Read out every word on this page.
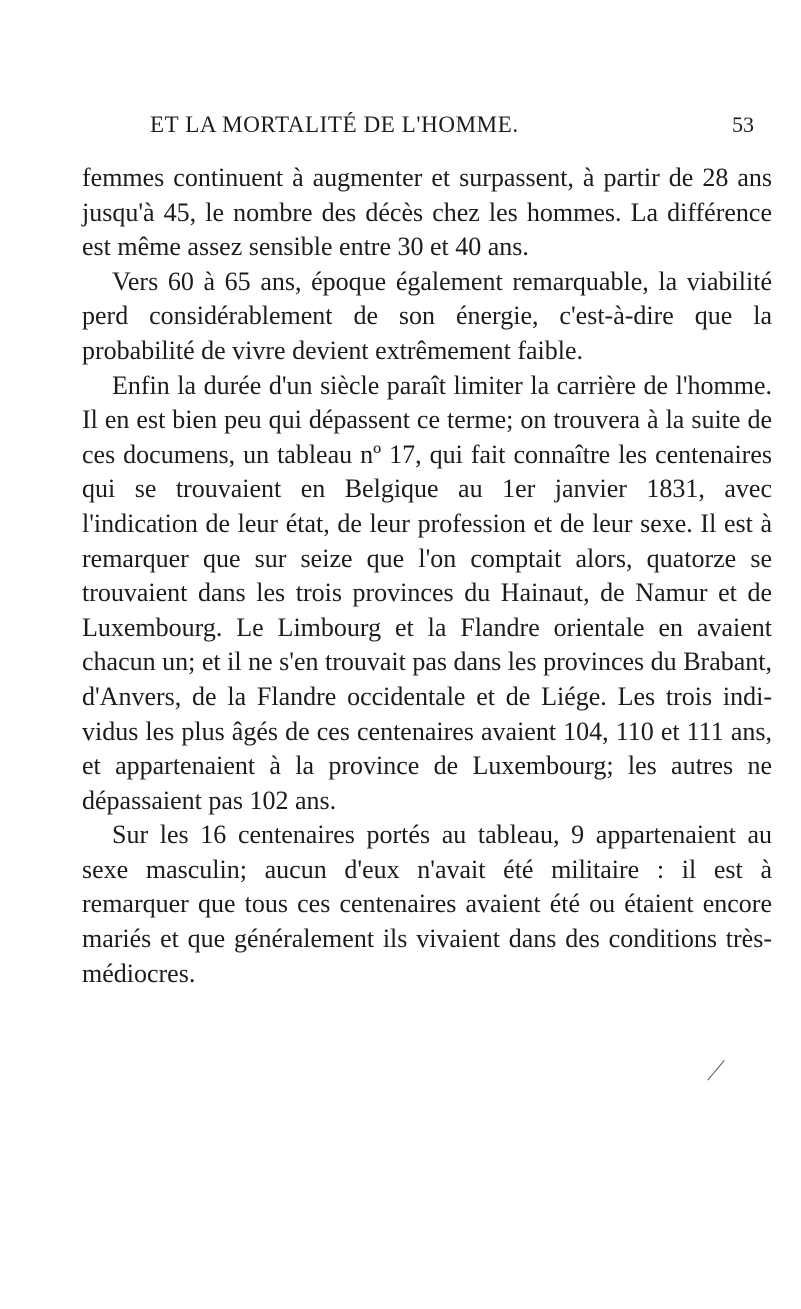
ET LA MORTALITÉ DE L'HOMME.	53

femmes continuent à augmenter et surpassent, à partir de 28 ans jusqu'à 45, le nombre des décès chez les hommes. La différence est même assez sensible entre 30 et 40 ans.

Vers 60 à 65 ans, époque également remarquable, la viabilité perd considérablement de son énergie, c'est-à-dire que la probabilité de vivre devient extrêmement faible.

Enfin la durée d'un siècle paraît limiter la carrière de l'homme. Il en est bien peu qui dépassent ce terme; on trouvera à la suite de ces documens, un tableau nº 17, qui fait connaître les centenaires qui se trouvaient en Belgique au 1er janvier 1831, avec l'indication de leur état, de leur profession et de leur sexe. Il est à remarquer que sur seize que l'on comptait alors, quatorze se trouvaient dans les trois provinces du Hainaut, de Namur et de Luxembourg. Le Limbourg et la Flandre orientale en avaient chacun un; et il ne s'en trouvait pas dans les provinces du Brabant, d'Anvers, de la Flandre occidentale et de Liége. Les trois individus les plus âgés de ces centenaires avaient 104, 110 et 111 ans, et appartenaient à la province de Luxembourg; les autres ne dépassaient pas 102 ans.

Sur les 16 centenaires portés au tableau, 9 appartenaient au sexe masculin; aucun d'eux n'avait été militaire : il est à remarquer que tous ces centenaires avaient été ou étaient encore mariés et que généralement ils vivaient dans des conditions très-médiocres.
